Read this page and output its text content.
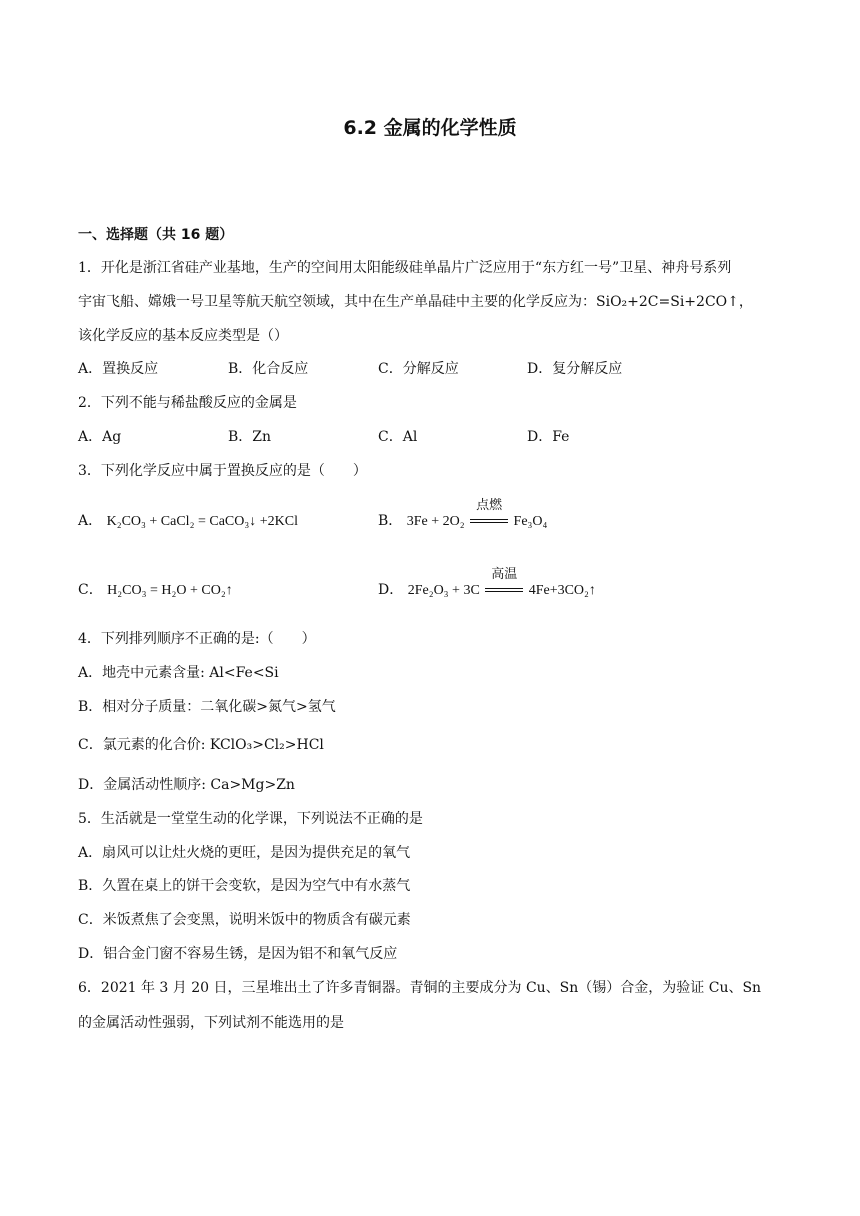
6.2 金属的化学性质
一、选择题（共 16 题）
1．开化是浙江省硅产业基地，生产的空间用太阳能级硅单晶片广泛应用于“东方红一号”卫星、神舟号系列
宇宙飞船、嫦娥一号卫星等航天航空领域，其中在生产单晶硅中主要的化学反应为：SiO₂+2C=Si+2CO↑，
该化学反应的基本反应类型是（）
A．置换反应	B．化合反应	C．分解反应	D．复分解反应
2．下列不能与稀盐酸反应的金属是
A．Ag	B．Zn	C．Al	D．Fe
3．下列化学反应中属于置换反应的是（　　）
A． K₂CO₃ + CaCl₂ = CaCO₃↓ +2KCl	B． 3Fe + 2O₂
点燃
Fe₃O₄
C． H₂CO₃ = H₂O + CO₂↑	D． 2Fe₂O₃ + 3C
高温
4Fe+3CO₂↑
4．下列排列顺序不正确的是:（　　）
A．地壳中元素含量: Al<Fe<Si
B．相对分子质量：二氧化碳>氮气>氢气
C．氯元素的化合价: KClO₃>Cl₂>HCl
D．金属活动性顺序: Ca>Mg>Zn
5．生活就是一堂堂生动的化学课，下列说法不正确的是
A．扇风可以让灶火烧的更旺，是因为提供充足的氧气
B．久置在桌上的饼干会变软，是因为空气中有水蒸气
C．米饭煮焦了会变黑，说明米饭中的物质含有碳元素
D．铝合金门窗不容易生锈，是因为铝不和氧气反应
6．2021 年 3 月 20 日，三星堆出土了许多青铜器。青铜的主要成分为 Cu、Sn（锡）合金，为验证 Cu、Sn
的金属活动性强弱，下列试剂不能选用的是
